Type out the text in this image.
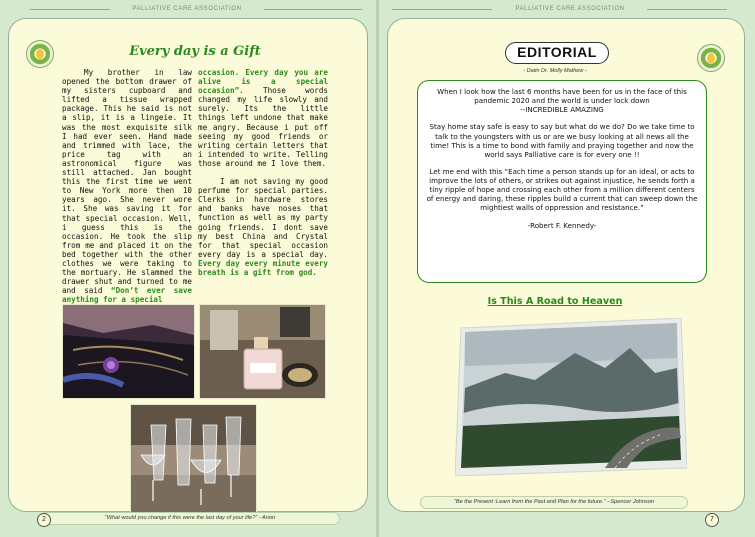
PALLIATIVE CARE ASSOCIATION
Every day is a Gift

My brother in law opened the bottom drawer of my sisters cupboard and lifted a tissue wrapped package. This he said is not a slip, it is a lingeie. It was the most exquisite silk I had ever seen. Hand made and trimmed with lace, the price tag with an astronomical figure was still attached. Jan bought this the first time we went to New York more then 10 years ago. She never wore it. She was saving it for that special occasion. Well, i guess this is the occasion. He took the slip from me and placed it on the bed together with the other clothes we were taking to the mortuary. He slammed the drawer shut and turned to me and said “Don’t ever save anything for a special

occasion. Every day you are alive is a special occasion”.	Those words changed my life slowly and surely. Its the little things left undone that make me angry. Because i put off seeing my good friends or writing certain letters that i intended to write. Telling those around me I love them.

I am not saving my good perfume for special parties. Clerks in hardware stores and banks have noses that function as well as my party going friends. I dont save my best China and Crystal for that special occasion every day is a special day. Every day every minute every breath is a gift from god.

“What would you change if this were the last day of your life?” - Anon
2
PALLIATIVE CARE ASSOCIATION
EDITORIAL
- Datin Dr. Molly Mathew -

When I look how the last 6 months have been for us in the face of this pandemic 2020 and the world is under lock down

--INCREDIBLE AMAZING

Stay home stay safe is easy to say but what do we do? Do we take time to talk to the youngsters with us or are we busy looking at all news all the time! This is a time to bond with family and praying together and now the world says Palliative care is for every one !!

Let me end with this “Each time a person stands up for an ideal, or acts to improve the lots of others, or strikes out against injustice, he sends forth a tiny ripple of hope and crossing each other from a million different centers of energy and daring, these ripples build a current that can sweep down the mightiest walls of oppression and resistance.”

-Robert F. Kennedy-

Is This A Road to Heaven
“Be the Present :Learn from the Past and Plan for the future.” - Spencer Johnson
7
